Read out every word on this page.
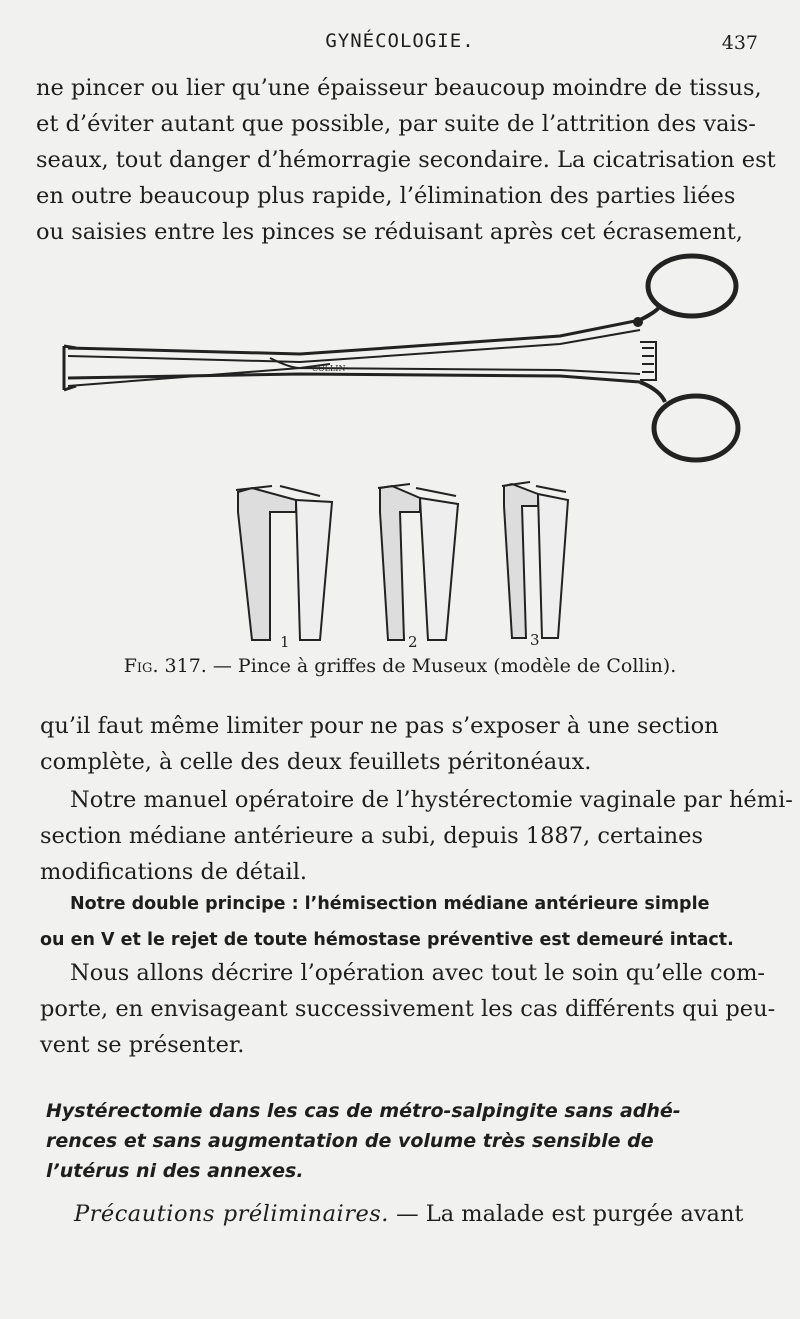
GYNÉCOLOGIE.	437
ne pincer ou lier qu’une épaisseur beaucoup moindre de tissus,
et d’éviter autant que possible, par suite de l’attrition des vais-
seaux, tout danger d’hémorragie secondaire. La cicatrisation est
en outre beaucoup plus rapide, l’élimination des parties liées
ou saisies entre les pinces se réduisant après cet écrasement,
COLLIN
1	2	3
Fig. 317. — Pince à griffes de Museux (modèle de Collin).
qu’il faut même limiter pour ne pas s’exposer à une section
complète, à celle des deux feuillets péritonéaux.
Notre manuel opératoire de l’hystérectomie vaginale par hémi-
section médiane antérieure a subi, depuis 1887, certaines
modifications de détail.
Notre double principe : l’hémisection médiane antérieure simple
ou en V et le rejet de toute hémostase préventive est demeuré intact.
Nous allons décrire l’opération avec tout le soin qu’elle com-
porte, en envisageant successivement les cas différents qui peu-
vent se présenter.
Hystérectomie dans les cas de métro-salpingite sans adhé-
rences et sans augmentation de volume très sensible de
l’utérus ni des annexes.
Précautions préliminaires. — La malade est purgée avant
